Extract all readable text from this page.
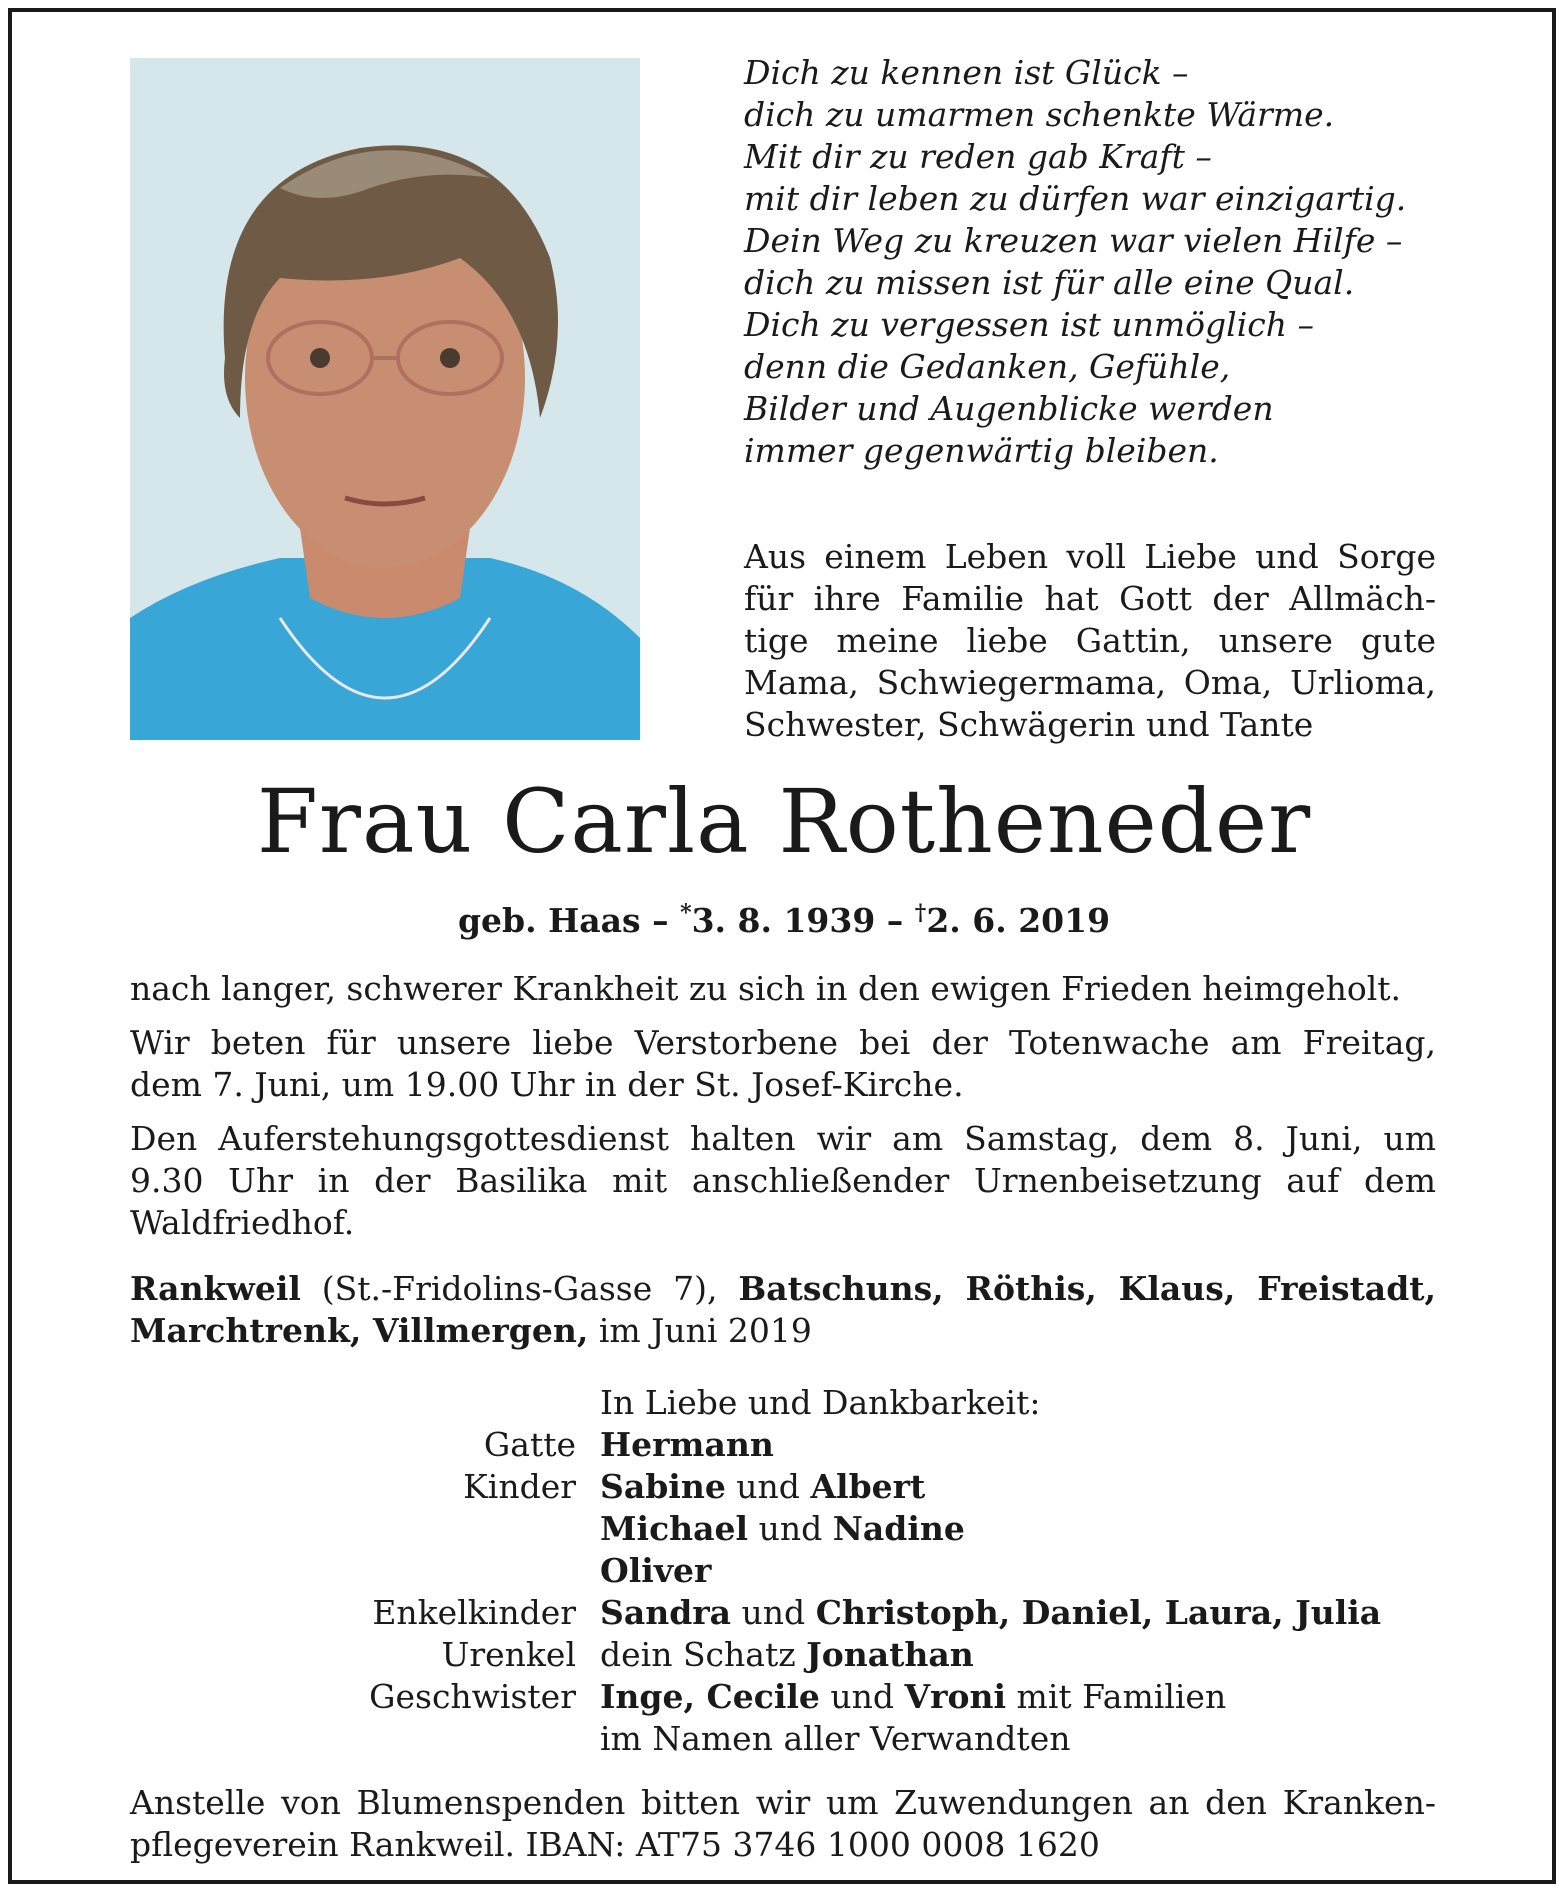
Dich zu kennen ist Glück –
dich zu umarmen schenkte Wärme.
Mit dir zu reden gab Kraft –
mit dir leben zu dürfen war einzigartig.
Dein Weg zu kreuzen war vielen Hilfe –
dich zu missen ist für alle eine Qual.
Dich zu vergessen ist unmöglich –
denn die Gedanken, Gefühle,
Bilder und Augenblicke werden
immer gegenwärtig bleiben.
Aus einem Leben voll Liebe und Sorge
für ihre Familie hat Gott der Allmäch-
tige meine liebe Gattin, unsere gute
Mama, Schwiegermama, Oma, Urlioma,
Schwester, Schwägerin und Tante
Frau Carla Rotheneder
geb. Haas – *3. 8. 1939 – †2. 6. 2019
nach langer, schwerer Krankheit zu sich in den ewigen Frieden heimgeholt.
Wir beten für unsere liebe Verstorbene bei der Totenwache am Freitag,
dem 7. Juni, um 19.00 Uhr in der St. Josef-Kirche.
Den Auferstehungsgottesdienst halten wir am Samstag, dem 8. Juni, um
9.30 Uhr in der Basilika mit anschließender Urnenbeisetzung auf dem
Waldfriedhof.
Rankweil (St.-Fridolins-Gasse 7), Batschuns, Röthis, Klaus, Freistadt,
Marchtrenk, Villmergen, im Juni 2019
In Liebe und Dankbarkeit:
Gatte Hermann
Kinder Sabine und Albert
Michael und Nadine
Oliver
Enkelkinder Sandra und Christoph, Daniel, Laura, Julia
Urenkel dein Schatz Jonathan
Geschwister Inge, Cecile und Vroni mit Familien
im Namen aller Verwandten
Anstelle von Blumenspenden bitten wir um Zuwendungen an den Kranken-
pflegeverein Rankweil. IBAN: AT75 3746 1000 0008 1620
